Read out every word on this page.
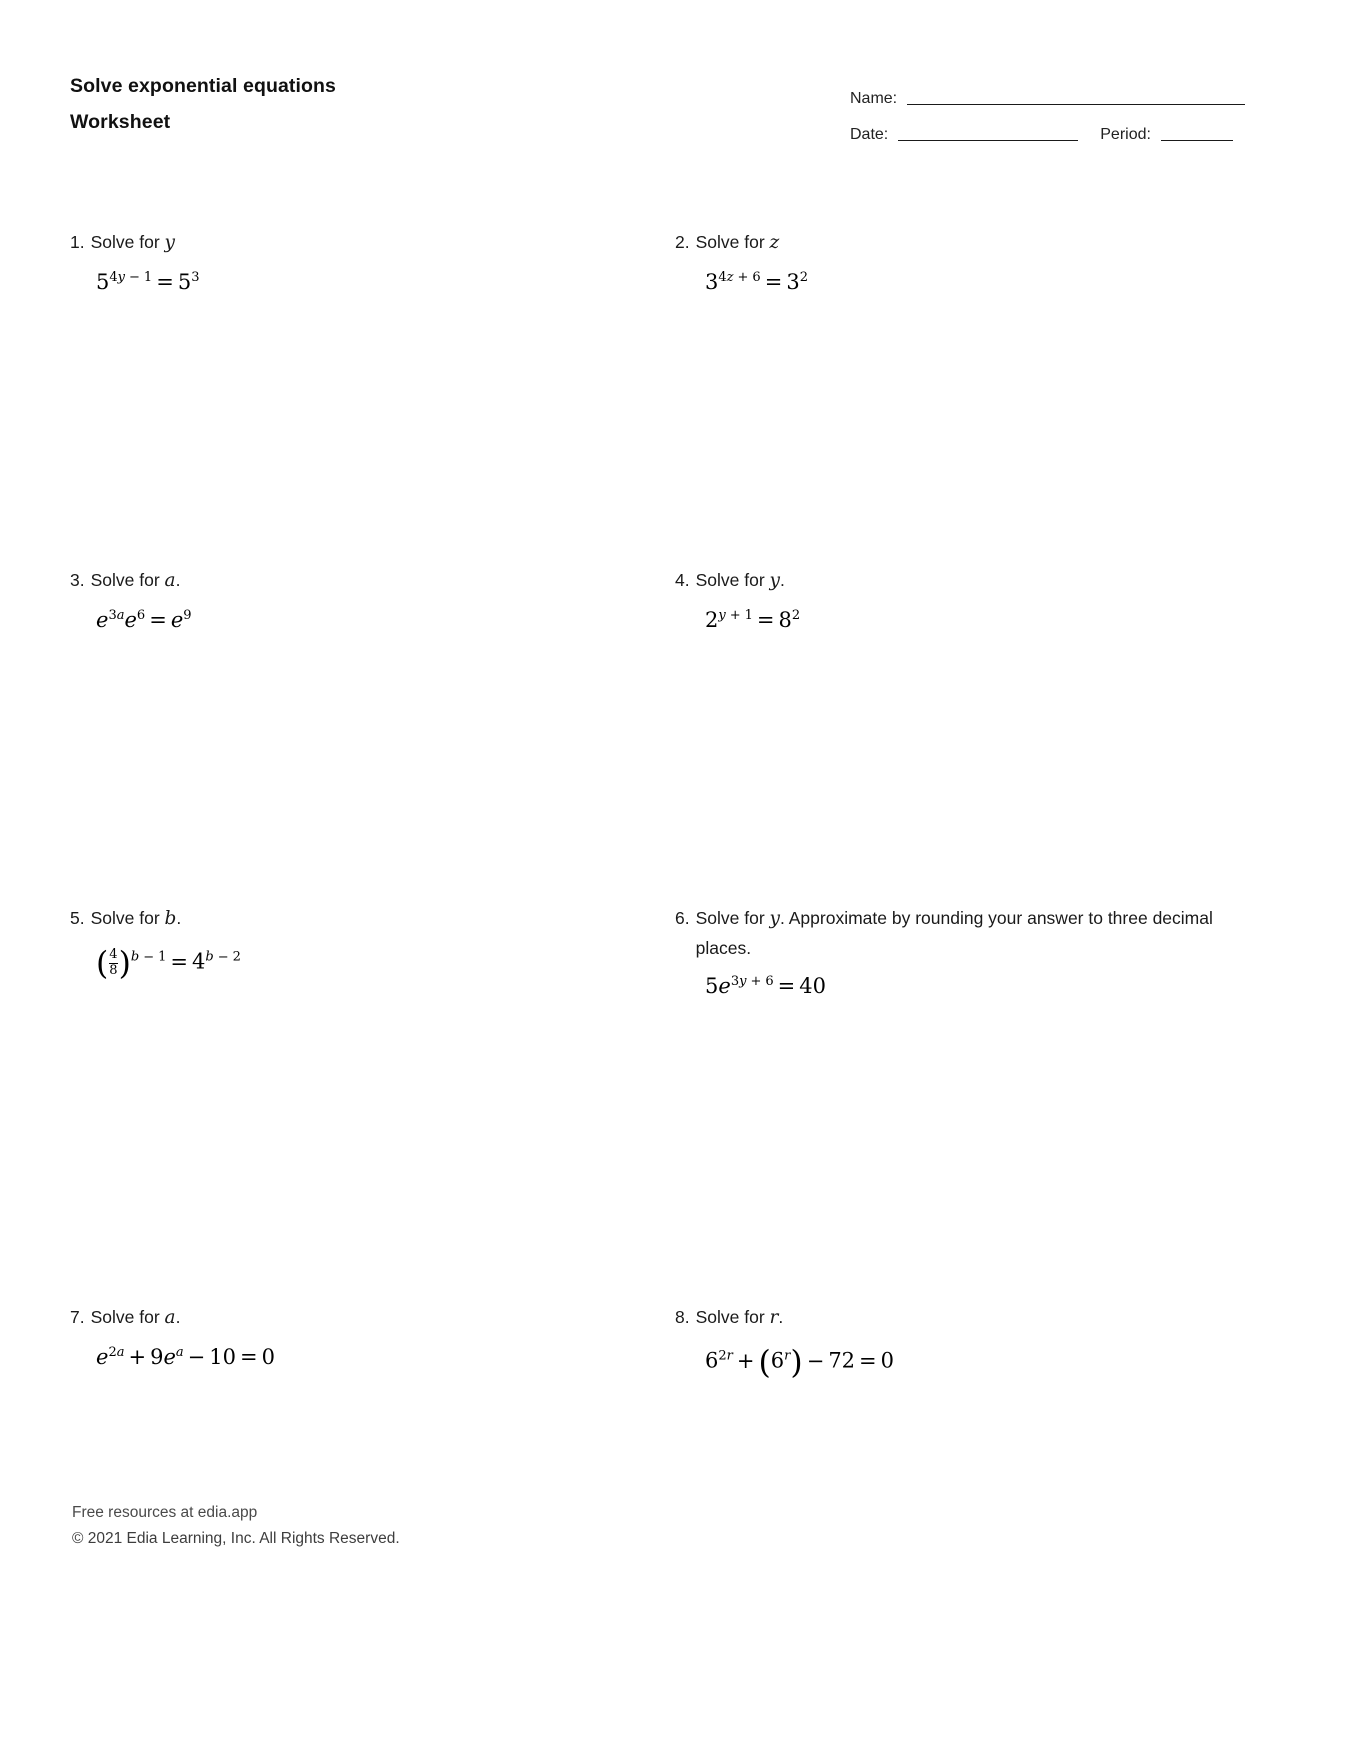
Solve exponential equations
Worksheet
Name:
Date:	Period:
1. Solve for y
$5^{4y - 1} = 5^3$
2. Solve for z
$3^{4z + 6} = 3^2$
3. Solve for a.
$e^{3a}e^6 = e^9$
4. Solve for y.
$2^{y + 1} = 8^2$
5. Solve for b.
( $\frac{4}{8} )^{b - 1} = 4^{b - 2}$
6. Solve for y. Approximate by rounding your answer to three decimal places.
$5e^{3y + 6} = 40$
7. Solve for a.
$e^{2a} + 9e^a - 10 = 0$
8. Solve for r.
$6^{2r} + (6^r) - 72 = 0$
Free resources at edia.app
© 2021 Edia Learning, Inc. All Rights Reserved.
